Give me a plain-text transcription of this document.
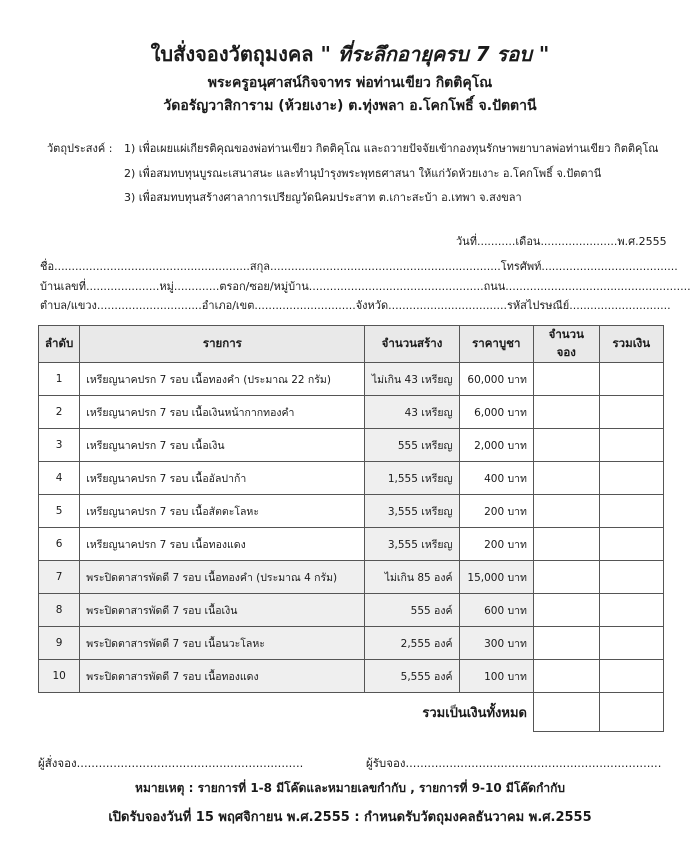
ใบสั่งจองวัตถุมงคล " ที่ระลึกอายุครบ 7 รอบ "
พระครูอนุศาสน์กิจจาทร พ่อท่านเขียว กิตติคุโณ
วัดอรัญวาสิการาม (ห้วยเงาะ) ต.ทุ่งพลา อ.โคกโพธิ์ จ.ปัตตานี
วัตถุประสงค์ : 1) เพื่อเผยแผ่เกียรติคุณของพ่อท่านเขียว กิตติคุโณ และถวายปัจจัยเข้ากองทุนรักษาพยาบาลพ่อท่านเขียว กิตติคุโณ
2) เพื่อสมทบทุนบูรณะเสนาสนะ และทำนุบำรุงพระพุทธศาสนา ให้แก่วัดห้วยเงาะ อ.โคกโพธิ์ จ.ปัตตานี
3) เพื่อสมทบทุนสร้างศาลาการเปรียญวัดนิคมประสาท ต.เกาะสะบ้า อ.เทพา จ.สงขลา
วันที่...........เดือน......................พ.ศ.2555
ชื่อ........................................................สกุล..................................................................โทรศัพท์.......................................
บ้านเลขที่.....................หมู่.............ตรอก/ซอย/หมู่บ้าน..................................................ถนน.....................................................
ตำบล/แขวง..............................อำเภอ/เขต.............................จังหวัด..................................รหัสไปรษณีย์.............................
ลำดับ	รายการ	จำนวนสร้าง	ราคาบูชา	จำนวนจอง	รวมเงิน
1	เหรียญนาคปรก 7 รอบ เนื้อทองคำ (ประมาณ 22 กรัม)	ไม่เกิน 43 เหรียญ	60,000 บาท		
2	เหรียญนาคปรก 7 รอบ เนื้อเงินหน้ากากทองคำ	43 เหรียญ	6,000 บาท		
3	เหรียญนาคปรก 7 รอบ เนื้อเงิน	555 เหรียญ	2,000 บาท		
4	เหรียญนาคปรก 7 รอบ เนื้ออัลปาก้า	1,555 เหรียญ	400 บาท		
5	เหรียญนาคปรก 7 รอบ เนื้อสัตตะโลหะ	3,555 เหรียญ	200 บาท		
6	เหรียญนาคปรก 7 รอบ เนื้อทองแดง	3,555 เหรียญ	200 บาท		
7	พระปิดตาสารพัดดี 7 รอบ เนื้อทองคำ (ประมาณ 4 กรัม)	ไม่เกิน 85 องค์	15,000 บาท		
8	พระปิดตาสารพัดดี 7 รอบ เนื้อเงิน	555 องค์	600 บาท		
9	พระปิดตาสารพัดดี 7 รอบ เนื้อนวะโลหะ	2,555 องค์	300 บาท		
10	พระปิดตาสารพัดดี 7 รอบ เนื้อทองแดง	5,555 องค์	100 บาท		
รวมเป็นเงินทั้งหมด					
ผู้สั่งจอง..............................................................	ผู้รับจอง......................................................................
หมายเหตุ : รายการที่ 1-8 มีโค๊ดและหมายเลขกำกับ , รายการที่ 9-10 มีโค๊ดกำกับ
เปิดรับจองวันที่ 15 พฤศจิกายน พ.ศ.2555 : กำหนดรับวัตถุมงคลธันวาคม พ.ศ.2555
